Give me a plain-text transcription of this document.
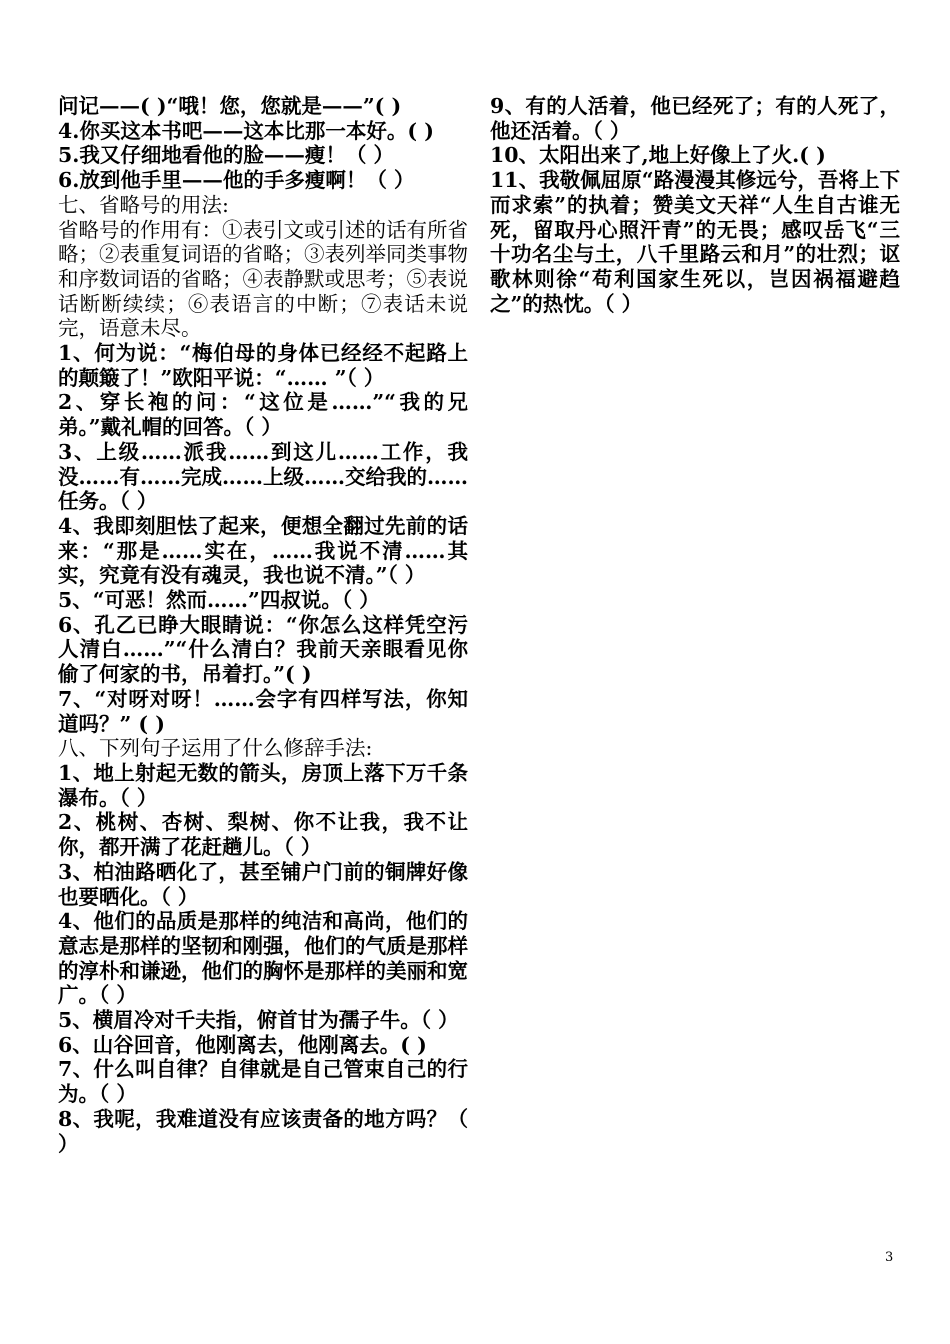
问记——( )“哦！您，您就是——”( )

4.你买这本书吧——这本比那一本好。( )

5.我又仔细地看他的脸——瘦！（ ）

6.放到他手里——他的手多瘦啊！（ ）

七、省略号的用法:

省略号的作用有：①表引文或引述的话有所省略；②表重复词语的省略；③表列举同类事物和序数词语的省略；④表静默或思考；⑤表说话断断续续；⑥表语言的中断；⑦表话未说完，语意未尽。

1、何为说：“梅伯母的身体已经经不起路上的颠簸了！”欧阳平说：“…… ”（ ）

2、穿长袍的问：“这位是……”“我的兄弟。”戴礼帽的回答。（ ）

3、上级……派我……到这儿……工作，我没……有……完成……上级……交给我的……任务。（ ）

4、我即刻胆怯了起来，便想全翻过先前的话来：“那是……实在，……我说不清……其实，究竟有没有魂灵，我也说不清。”（ ）

5、“可恶！然而……”四叔说。（ ）

6、孔乙已睁大眼睛说：“你怎么这样凭空污人清白……”“什么清白？我前天亲眼看见你偷了何家的书，吊着打。”( )

7、“对呀对呀！……会字有四样写法，你知道吗？” ( )

八、下列句子运用了什么修辞手法:

1、地上射起无数的箭头，房顶上落下万千条瀑布。（ ）

2、桃树、杏树、梨树、你不让我，我不让你，都开满了花赶趟儿。（ ）

3、柏油路晒化了，甚至铺户门前的铜牌好像也要晒化。（ ）

4、他们的品质是那样的纯洁和高尚，他们的意志是那样的坚韧和刚强，他们的气质是那样的淳朴和谦逊，他们的胸怀是那样的美丽和宽广。（ ）

5、横眉冷对千夫指，俯首甘为孺子牛。（ ）

6、山谷回音，他刚离去，他刚离去。( )

7、什么叫自律？自律就是自己管束自己的行为。（ ）

8、我呢，我难道没有应该责备的地方吗？（ ）

9、有的人活着，他已经死了；有的人死了，他还活着。（ ）

10、太阳出来了,地上好像上了火.( )

11、我敬佩屈原“路漫漫其修远兮，吾将上下而求索”的执着；赞美文天祥“人生自古谁无死，留取丹心照汗青”的无畏；感叹岳飞“三十功名尘与土，八千里路云和月”的壮烈；讴歌林则徐“苟利国家生死以，岂因祸福避趋之”的热忱。（ ）

3
